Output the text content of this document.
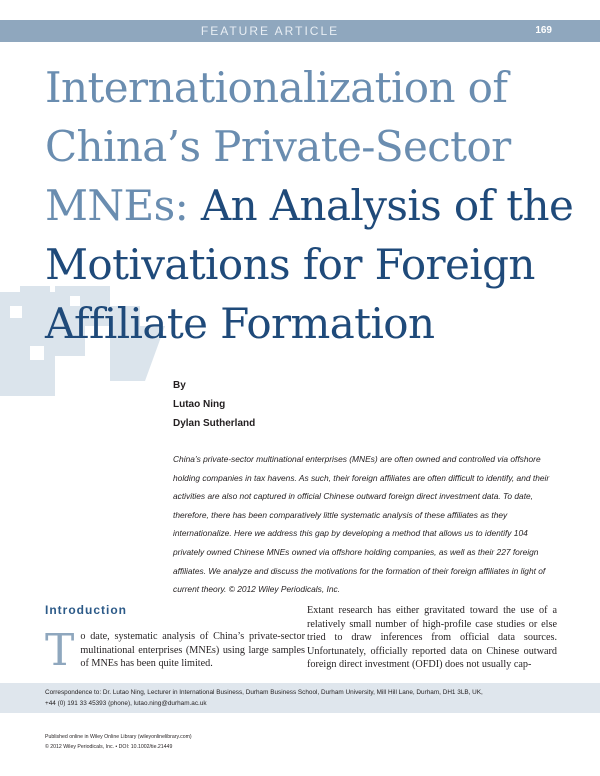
FEATURE ARTICLE	169
Internationalization of
China’s Private-Sector
MNEs: An Analysis of the
Motivations for Foreign
Affiliate Formation
By
Lutao Ning
Dylan Sutherland
China’s private-sector multinational enterprises (MNEs) are often owned and controlled via offshore holding companies in tax havens. As such, their foreign affiliates are often difficult to identify, and their activities are also not captured in official Chinese outward foreign direct investment data. To date, therefore, there has been comparatively little systematic analysis of these affiliates as they internationalize. Here we address this gap by developing a method that allows us to identify 104 privately owned Chinese MNEs owned via offshore holding companies, as well as their 227 foreign affiliates. We analyze and discuss the motivations for the formation of their foreign affiliates in light of current theory. © 2012 Wiley Periodicals, Inc.
Introduction
To date, systematic analysis of China’s private-sector multinational enterprises (MNEs) using large samples of MNEs has been quite limited.
Extant research has either gravitated toward the use of a relatively small number of high-profile case studies or else tried to draw inferences from official data sources. Unfortunately, officially reported data on Chinese outward foreign direct investment (OFDI) does not usually cap-
Correspondence to: Dr. Lutao Ning, Lecturer in International Business, Durham Business School, Durham University, Mill Hill Lane, Durham, DH1 3LB, UK,
+44 (0) 191 33 45393 (phone), lutao.ning@durham.ac.uk
Published online in Wiley Online Library (wileyonlinelibrary.com)
© 2012 Wiley Periodicals, Inc. • DOI: 10.1002/tie.21449
